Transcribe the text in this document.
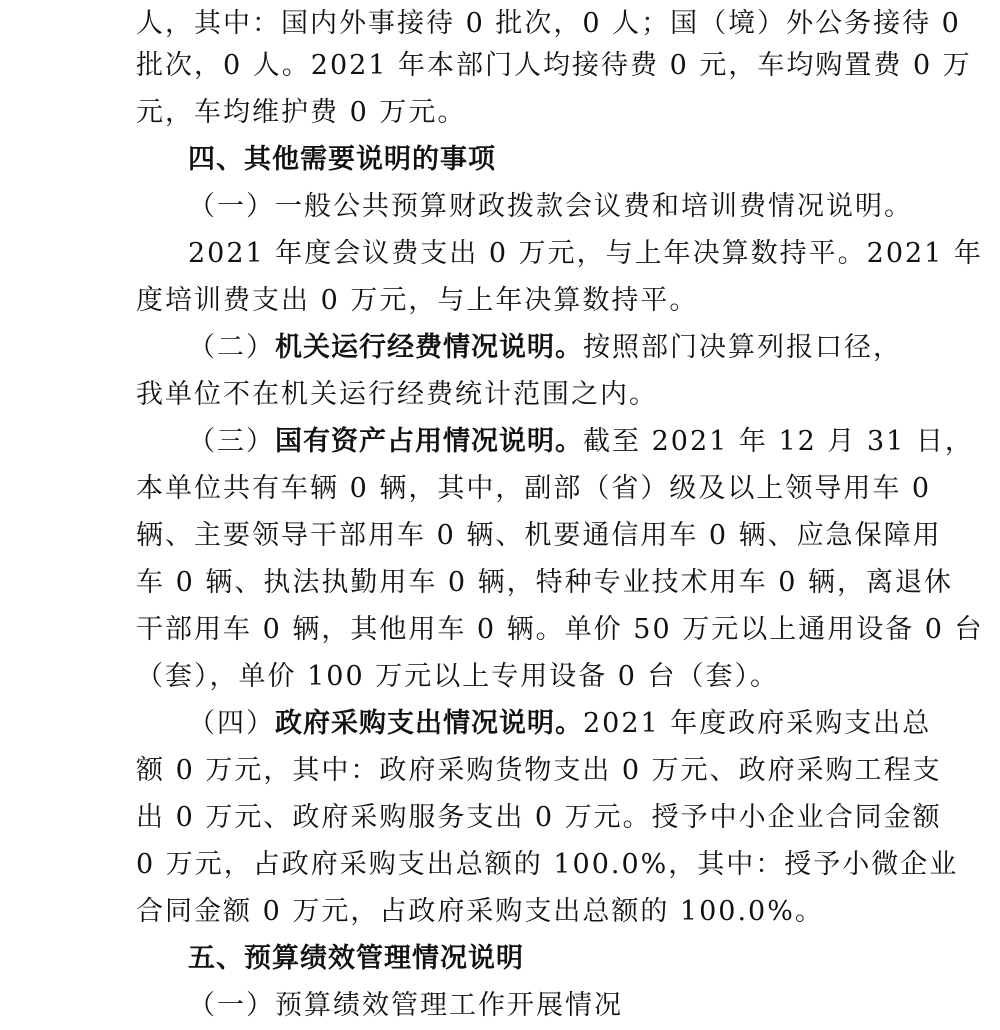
人，其中：国内外事接待 0 批次，0 人；国（境）外公务接待 0
批次，0 人。2021 年本部门人均接待费 0 元，车均购置费 0 万
元，车均维护费 0 万元。
四、其他需要说明的事项
（一）一般公共预算财政拨款会议费和培训费情况说明。
2021 年度会议费支出 0 万元，与上年决算数持平。2021 年
度培训费支出 0 万元，与上年决算数持平。
（二）机关运行经费情况说明。按照部门决算列报口径，
我单位不在机关运行经费统计范围之内。
（三）国有资产占用情况说明。截至 2021 年 12 月 31 日，
本单位共有车辆 0 辆，其中，副部（省）级及以上领导用车 0
辆、主要领导干部用车 0 辆、机要通信用车 0 辆、应急保障用
车 0 辆、执法执勤用车 0 辆，特种专业技术用车 0 辆，离退休
干部用车 0 辆，其他用车 0 辆。单价 50 万元以上通用设备 0 台
（套），单价 100 万元以上专用设备 0 台（套）。
（四）政府采购支出情况说明。2021 年度政府采购支出总
额 0 万元，其中：政府采购货物支出 0 万元、政府采购工程支
出 0 万元、政府采购服务支出 0 万元。授予中小企业合同金额
0 万元，占政府采购支出总额的 100.0%，其中：授予小微企业
合同金额 0 万元，占政府采购支出总额的 100.0%。
五、预算绩效管理情况说明
（一）预算绩效管理工作开展情况
